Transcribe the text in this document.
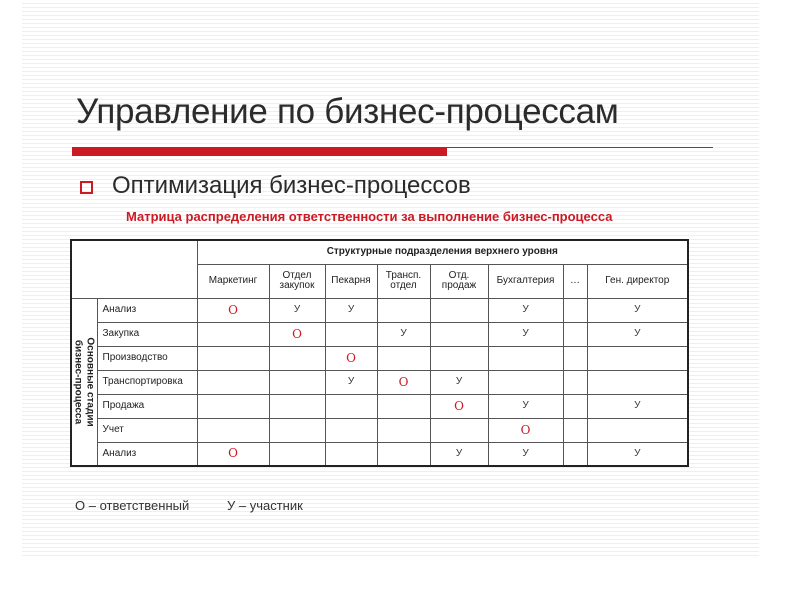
Управление по бизнес-процессам
Оптимизация бизнес-процессов
Матрица распределения ответственности за выполнение бизнес-процесса
		Структурные подразделения верхнего уровня							
		Маркетинг	Отдел закупок	Пекарня	Трансп. отдел	Отд. продаж	Бухгалтерия	…	Ген. директор

Основные стадии
бизнес-процесса	Анализ	O	У	У			У		У
	Закупка		O		У		У		У
	Производство			O					
	Транспортировка			У	O	У			
	Продажа					O	У		У
	Учет						O		
	Анализ	O				У	У		У
О – ответственный	У – участник
